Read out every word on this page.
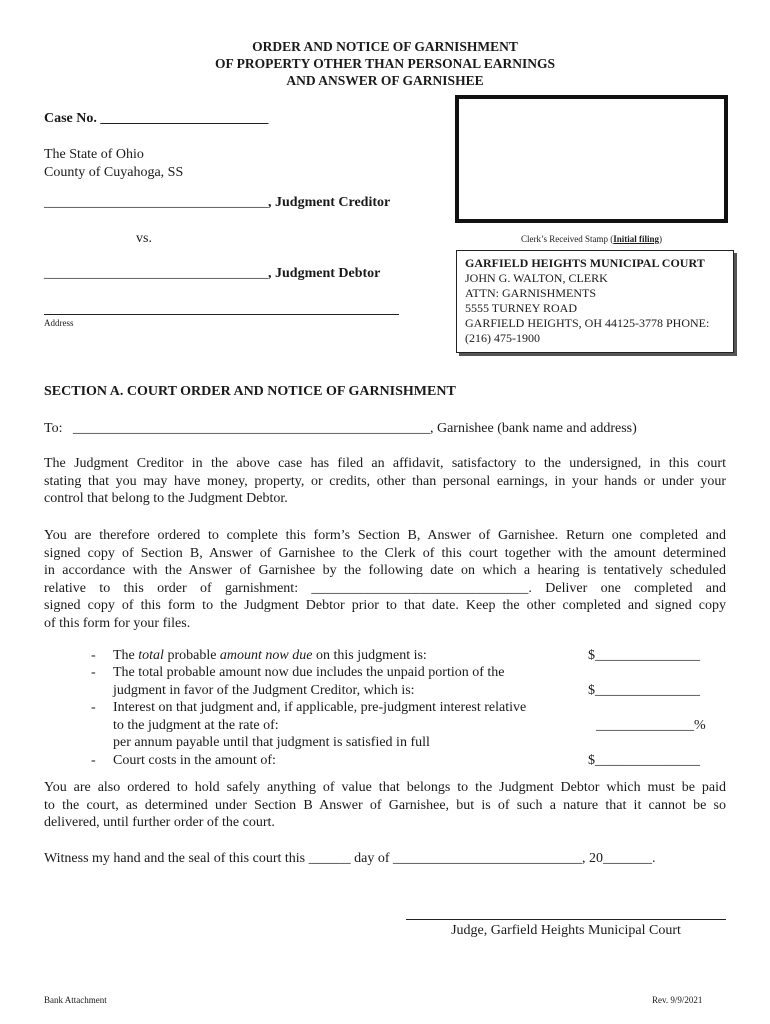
ORDER AND NOTICE OF GARNISHMENT
OF PROPERTY OTHER THAN PERSONAL EARNINGS
AND ANSWER OF GARNISHEE
Case No. ________________________
The State of Ohio
County of Cuyahoga, SS
________________________________, Judgment Creditor
vs.
________________________________, Judgment Debtor
Address
Clerk’s Received Stamp (Initial filing)
GARFIELD HEIGHTS MUNICIPAL COURT
JOHN G. WALTON, CLERK
ATTN: GARNISHMENTS
5555 TURNEY ROAD
GARFIELD HEIGHTS, OH 44125-3778 PHONE:
(216) 475-1900
SECTION A. COURT ORDER AND NOTICE OF GARNISHMENT
To: ___________________________________________________, Garnishee (bank name and address)
The Judgment Creditor in the above case has filed an affidavit, satisfactory to the undersigned, in this court
stating that you may have money, property, or credits, other than personal earnings, in your hands or under your
control that belong to the Judgment Debtor.
You are therefore ordered to complete this form’s Section B, Answer of Garnishee. Return one completed and
signed copy of Section B, Answer of Garnishee to the Clerk of this court together with the amount determined
in accordance with the Answer of Garnishee by the following date on which a hearing is tentatively scheduled
relative to this order of garnishment: _______________________________. Deliver one completed and
signed copy of this form to the Judgment Debtor prior to that date. Keep the other completed and signed copy
of this form for your files.
- The total probable amount now due on this judgment is:	$_______________
- The total probable amount now due includes the unpaid portion of the
judgment in favor of the Judgment Creditor, which is:	$_______________
- Interest on that judgment and, if applicable, pre-judgment interest relative
to the judgment at the rate of:	______________%
per annum payable until that judgment is satisfied in full
- Court costs in the amount of:	$_______________
You are also ordered to hold safely anything of value that belongs to the Judgment Debtor which must be paid
to the court, as determined under Section B Answer of Garnishee, but is of such a nature that it cannot be so
delivered, until further order of the court.
Witness my hand and the seal of this court this ______ day of ___________________________, 20_______.
Judge, Garfield Heights Municipal Court
Bank Attachment	Rev. 9/9/2021
